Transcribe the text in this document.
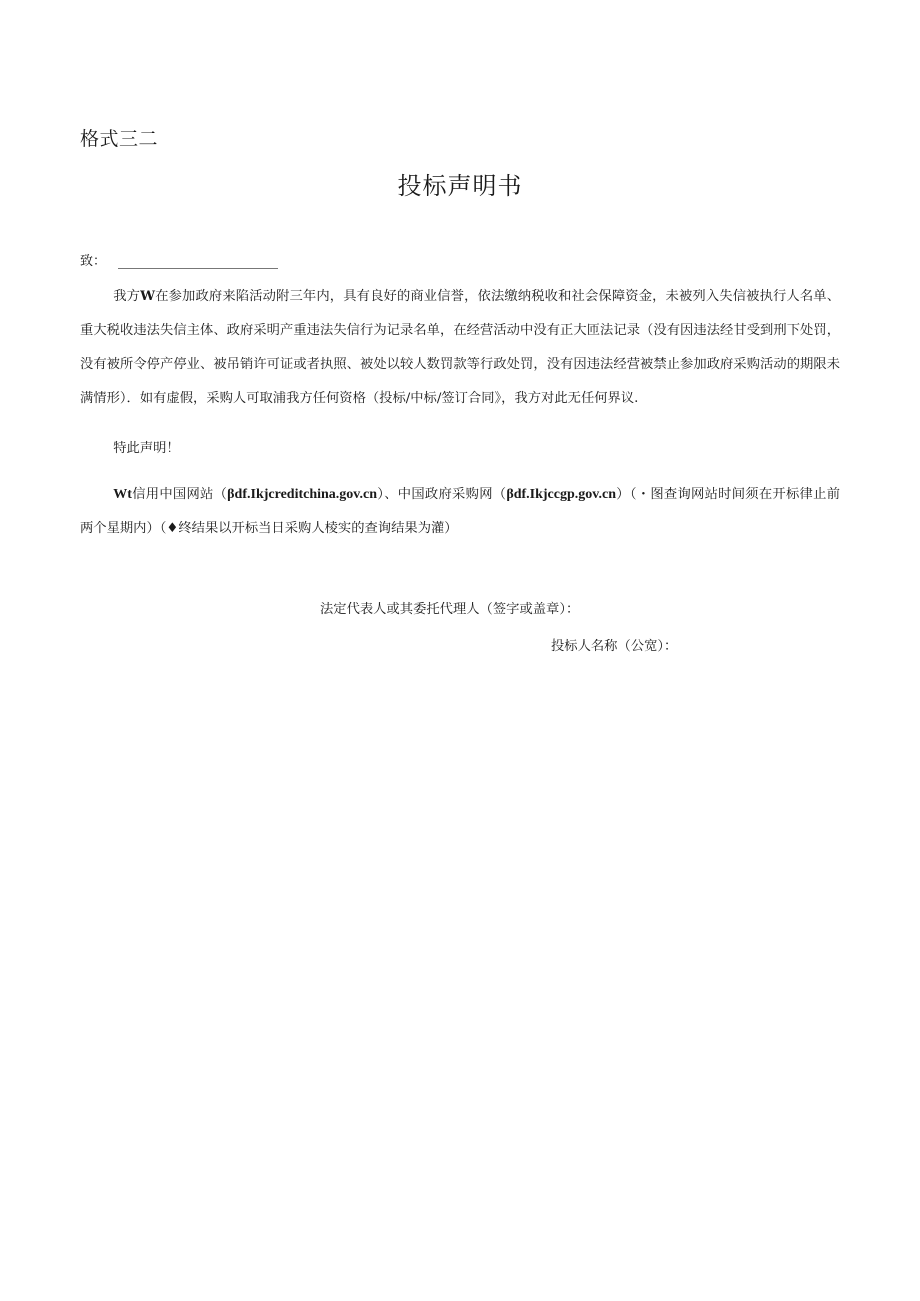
格式三二
投标声明书
致：

我方W在参加政府来陷活动附三年内，具有良好的商业信誉，依法缴纳税收和社会保障资金，未被列入失信被执行人名单、重大税收违法失信主体、政府采明产重违法失信行为记录名单，在经营活动中没有正大匝法记录（没有因违法经甘受到刑下处罚，没有被所令停产停业、被吊销许可证或者执照、被处以较人数罚款等行政处罚，没有因违法经营被禁止参加政府采购活动的期限未满情形）．如有虚假，采购人可取浦我方任何资格（投标/中标/签订合同》，我方对此无任何界议.

特此声明！

Wt信用中国网站（βdf.Ikjcreditchina.gov.cn）、中国政府采购网（βdf.Ikjccgp.gov.cn）（・图查询网站时间须在开标律止前两个星期内）（♦终结果以开标当日采购人棱实的查询结果为灌）

法定代表人或其委托代理人（签字或盖章）：
投标人名称（公宽）：
